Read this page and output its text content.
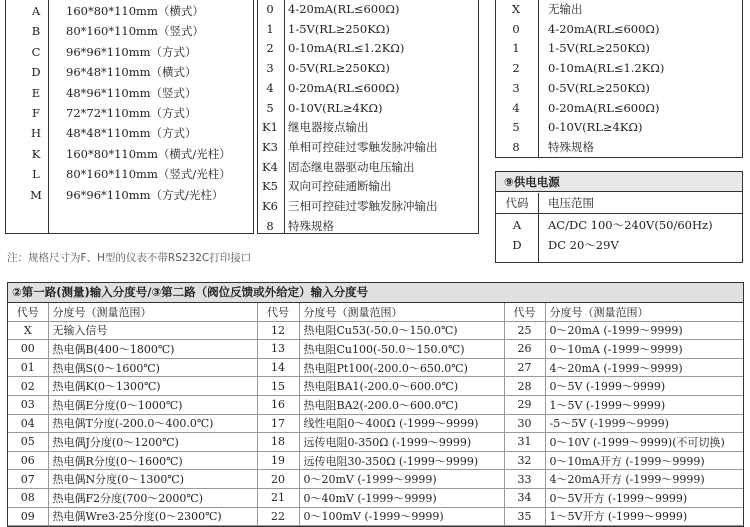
A	160*80*110mm（横式）
B	80*160*110mm（竖式）
C	96*96*110mm（方式）
D	96*48*110mm（横式）
E	48*96*110mm（竖式）
F	72*72*110mm（方式）
H	48*48*110mm（方式）
K	160*80*110mm（横式/光柱）
L	80*160*110mm（竖式/光柱）
M	96*96*110mm（方式/光柱）
0	4-20mA(RL≤600Ω)
1	1-5V(RL≥250KΩ)
2	0-10mA(RL≤1.2KΩ)
3	0-5V(RL≥250KΩ)
4	0-20mA(RL≤600Ω)
5	0-10V(RL≥4KΩ)
K1 继电器接点输出
K3 单相可控硅过零触发脉冲输出
K4 固态继电器驱动电压输出
K5 双向可控硅通断输出
K6 三相可控硅过零触发脉冲输出
8	特殊规格
X	无输出
0	4-20mA(RL≤600Ω)
1	1-5V(RL≥250KΩ)
2	0-10mA(RL≤1.2KΩ)
3	0-5V(RL≥250KΩ)
4	0-20mA(RL≤600Ω)
5	0-10V(RL≥4KΩ)
8	特殊规格
⑨供电电源
代码	电压范围
A	AC/DC 100～240V(50/60Hz)
D	DC 20～29V
注：规格尺寸为F、H型的仪表不带RS232C打印接口
②第一路(测量)输入分度号/③第二路（阀位反馈或外给定）输入分度号
代号	分度号（测量范围）	代号	分度号（测量范围）	代号	分度号（测量范围）
X	无输入信号	12	热电阻Cu53(-50.0～150.0℃)	25	0～20mA (-1999～9999)
00	热电偶B(400～1800℃)	13	热电阻Cu100(-50.0～150.0℃)	26	0～10mA (-1999～9999)
01	热电偶S(0～1600℃)	14	热电阻Pt100(-200.0～650.0℃)	27	4～20mA (-1999～9999)
02	热电偶K(0～1300℃)	15	热电阻BA1(-200.0～600.0℃)	28	0～5V (-1999～9999)
03	热电偶E分度(0～1000℃)	16	热电阻BA2(-200.0～600.0℃)	29	1～5V (-1999～9999)
04	热电偶T分度(-200.0～400.0℃)	17	线性电阻0～400Ω (-1999～9999)	30	-5～5V (-1999～9999)
05	热电偶J分度(0～1200℃)	18	远传电阻0-350Ω (-1999～9999)	31	0～10V (-1999～9999)(不可切换)
06	热电偶R分度(0～1600℃)	19	远传电阻30-350Ω (-1999～9999)	32	0～10mA开方 (-1999～9999)
07	热电偶N分度(0～1300℃)	20	0～20mV (-1999～9999)	33	4～20mA开方 (-1999～9999)
08	热电偶F2分度(700～2000℃)	21	0～40mV (-1999～9999)	34	0～5V开方 (-1999～9999)
09	热电偶Wre3-25分度(0～2300℃)	22	0～100mV (-1999～9999)	35	1～5V开方 (-1999～9999)
